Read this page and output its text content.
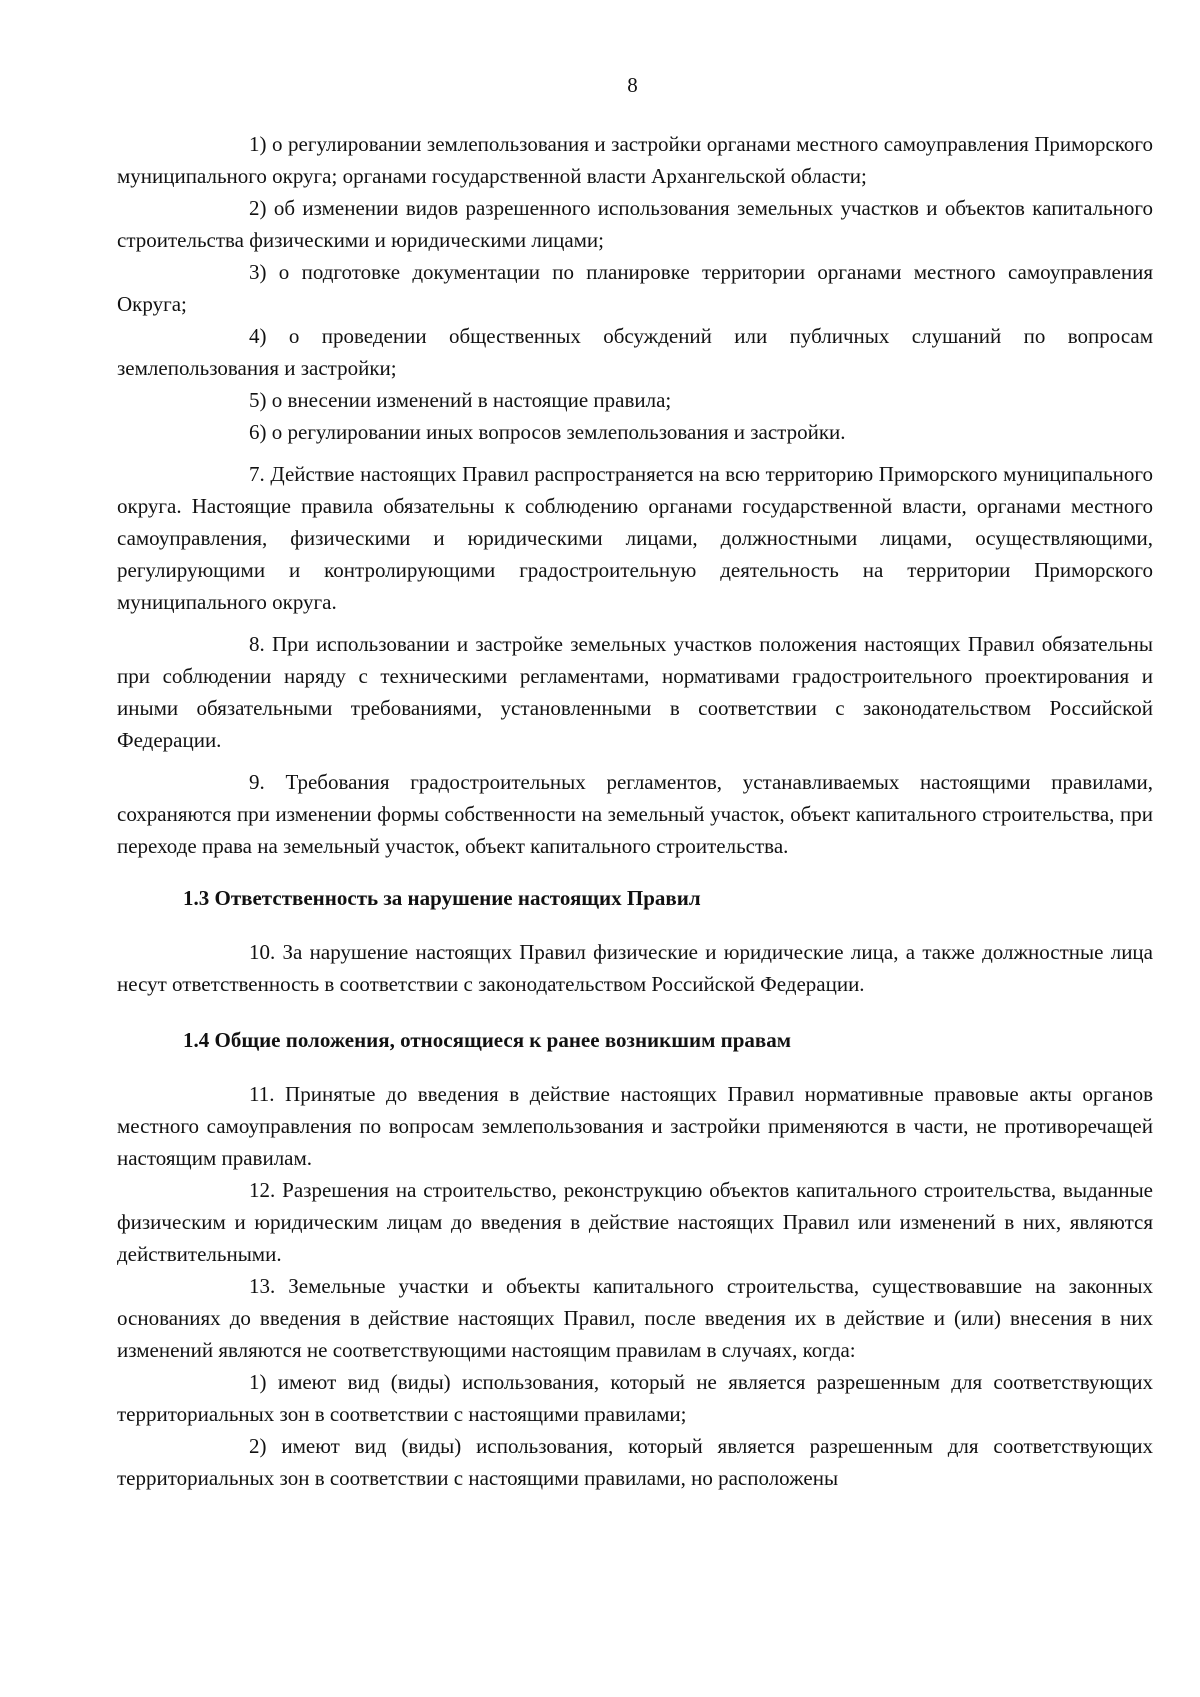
8

1) о регулировании землепользования и застройки органами местного самоуправления Приморского муниципального округа; органами государственной власти Архангельской области;

2) об изменении видов разрешенного использования земельных участков и объектов капитального строительства физическими и юридическими лицами;

3) о подготовке документации по планировке территории органами местного самоуправления Округа;

4) о проведении общественных обсуждений или публичных слушаний по вопросам землепользования и застройки;

5) о внесении изменений в настоящие правила;

6) о регулировании иных вопросов землепользования и застройки.

7. Действие настоящих Правил распространяется на всю территорию Приморского муниципального округа. Настоящие правила обязательны к соблюдению органами государственной власти, органами местного самоуправления, физическими и юридическими лицами, должностными лицами, осуществляющими, регулирующими и контролирующими градостроительную деятельность на территории Приморского муниципального округа.

8. При использовании и застройке земельных участков положения настоящих Правил обязательны при соблюдении наряду с техническими регламентами, нормативами градостроительного проектирования и иными обязательными требованиями, установленными в соответствии с законодательством Российской Федерации.

9. Требования градостроительных регламентов, устанавливаемых настоящими правилами, сохраняются при изменении формы собственности на земельный участок, объект капитального строительства, при переходе права на земельный участок, объект капитального строительства.

1.3 Ответственность за нарушение настоящих Правил

10. За нарушение настоящих Правил физические и юридические лица, а также должностные лица несут ответственность в соответствии с законодательством Российской Федерации.

1.4 Общие положения, относящиеся к ранее возникшим правам

11. Принятые до введения в действие настоящих Правил нормативные правовые акты органов местного самоуправления по вопросам землепользования и застройки применяются в части, не противоречащей настоящим правилам.

12. Разрешения на строительство, реконструкцию объектов капитального строительства, выданные физическим и юридическим лицам до введения в действие настоящих Правил или изменений в них, являются действительными.

13. Земельные участки и объекты капитального строительства, существовавшие на законных основаниях до введения в действие настоящих Правил, после введения их в действие и (или) внесения в них изменений являются не соответствующими настоящим правилам в случаях, когда:

1) имеют вид (виды) использования, который не является разрешенным для соответствующих территориальных зон в соответствии с настоящими правилами;

2) имеют вид (виды) использования, который является разрешенным для соответствующих территориальных зон в соответствии с настоящими правилами, но расположены
